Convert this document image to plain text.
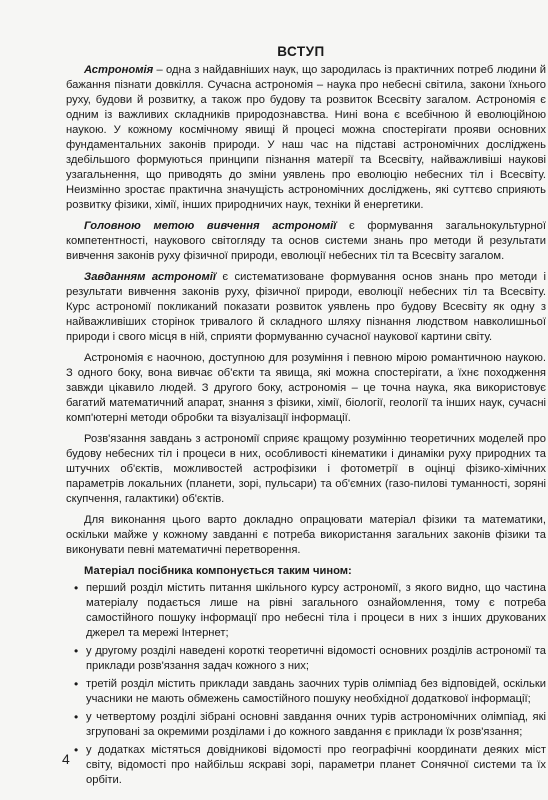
ВСТУП

Астрономія – одна з найдавніших наук, що зародилась із практичних потреб людини й бажання пізнати довкілля. Сучасна астрономія – наука про небесні світила, закони їхнього руху, будови й розвитку, а також про будову та розвиток Всесвіту загалом. Астрономія є одним із важливих складників природознавства. Нині вона є всебічною й еволюційною наукою. У кожному космічному явищі й процесі можна спостерігати прояви основних фундаментальних законів природи. У наш час на підставі астрономічних досліджень здебільшого формуються принципи пізнання матерії та Всесвіту, найважливіші наукові узагальнення, що приводять до зміни уявлень про еволюцію небесних тіл і Всесвіту. Неизмінно зростає практична значущість астрономічних досліджень, які суттєво сприяють розвитку фізики, хімії, інших природничих наук, техніки й енергетики.

Головною метою вивчення астрономії є формування загальнокультурної компетентності, наукового світогляду та основ системи знань про методи й результати вивчення законів руху фізичної природи, еволюції небесних тіл та Всесвіту загалом.

Завданням астрономії є систематизоване формування основ знань про методи і результати вивчення законів руху, фізичної природи, еволюції небесних тіл та Всесвіту. Курс астрономії покликаний показати розвиток уявлень про будову Всесвіту як одну з найважливіших сторінок тривалого й складного шляху пізнання людством навколишньої природи і свого місця в ній, сприяти формуванню сучасної наукової картини світу.

Астрономія є наочною, доступною для розуміння і певною мірою романтичною наукою. З одного боку, вона вивчає об'єкти та явища, які можна спостерігати, а їхнє походження завжди цікавило людей. З другого боку, астрономія – це точна наука, яка використовує багатий математичний апарат, знання з фізики, хімії, біології, геології та інших наук, сучасні комп'ютерні методи обробки та візуалізації інформації.

Розв'язання завдань з астрономії сприяє кращому розумінню теоретичних моделей про будову небесних тіл і процеси в них, особливості кінематики і динаміки руху природних та штучних об'єктів, можливостей астрофізики і фотометрії в оцінці фізико-хімічних параметрів локальних (планети, зорі, пульсари) та об'ємних (газо-пилові туманності, зоряні скупчення, галактики) об'єктів.

Для виконання цього варто докладно опрацювати матеріал фізики та математики, оскільки майже у кожному завданні є потреба використання загальних законів фізики та виконувати певні математичні перетворення.

Матеріал посібника компонується таким чином:
• перший розділ містить питання шкільного курсу астрономії, з якого видно, що частина матеріалу подається лише на рівні загального ознайомлення, тому є потреба самостійного пошуку інформації про небесні тіла і процеси в них з інших друкованих джерел та мережі Інтернет;
• у другому розділі наведені короткі теоретичні відомості основних розділів астрономії та приклади розв'язання задач кожного з них;
• третій розділ містить приклади завдань заочних турів олімпіад без відповідей, оскільки учасники не мають обмежень самостійного пошуку необхідної додаткової інформації;
• у четвертому розділі зібрані основні завдання очних турів астрономічних олімпіад, які згруповані за окремими розділами і до кожного завдання є приклади їх розв'язання;
• у додатках містяться довідникові відомості про географічні координати деяких міст світу, відомості про найбільш яскраві зорі, параметри планет Сонячної системи та їх орбіти.
4
